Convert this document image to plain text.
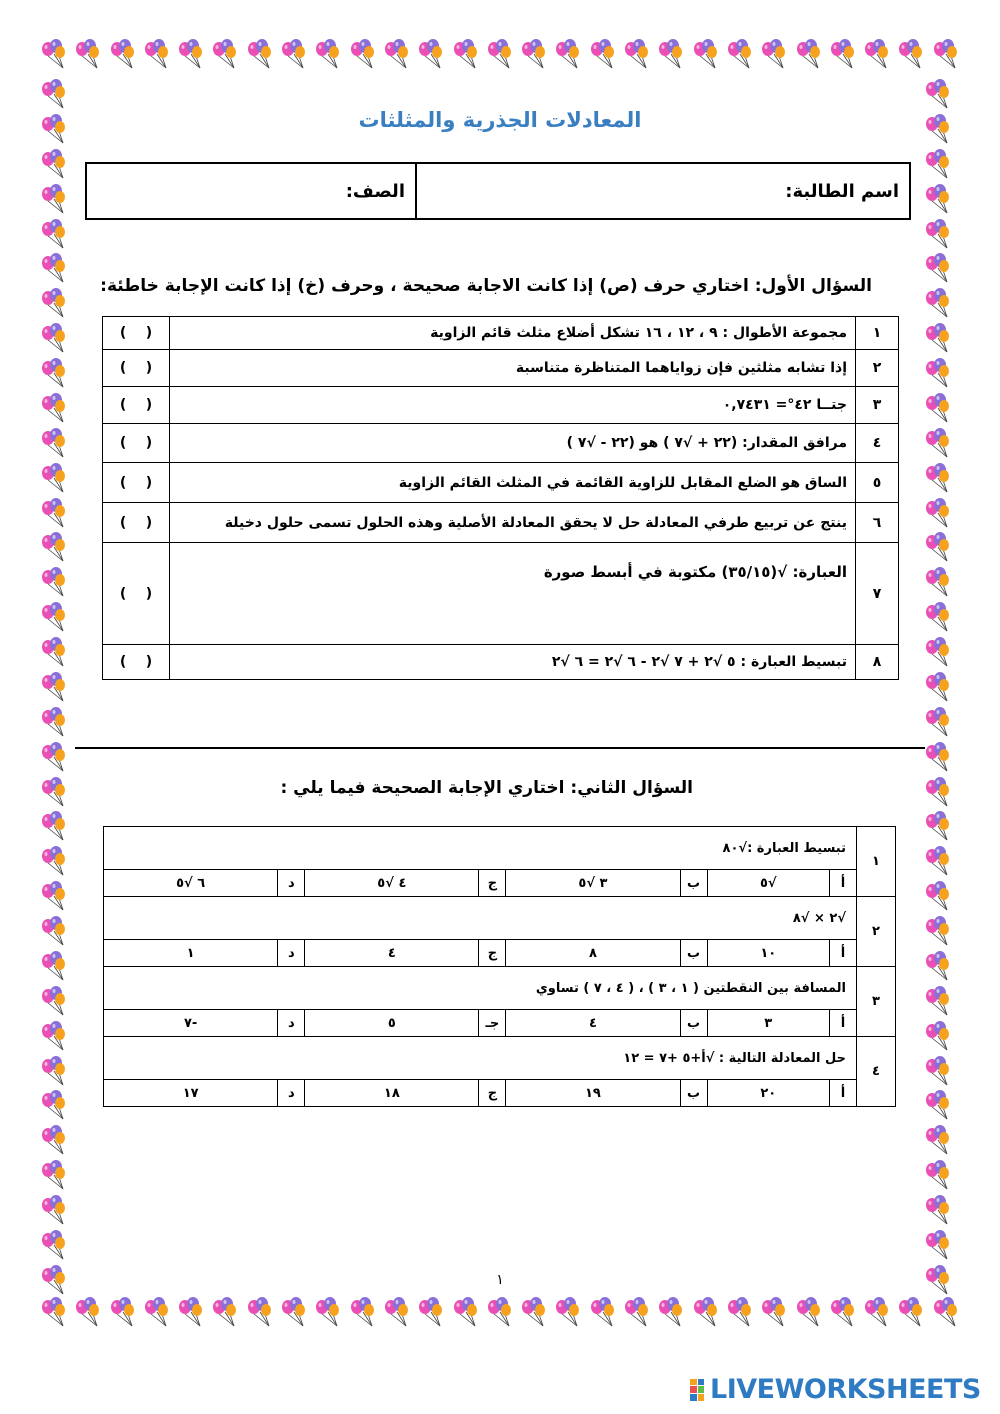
المعادلات الجذرية والمثلثات
اسم الطالبة:
الصف:
السؤال الأول: اختاري حرف (ص) إذا كانت الاجابة صحيحة ، وحرف (خ) إذا كانت الإجابة خاطئة:
١	مجموعة الأطوال : ٩ ، ١٢ ، ١٦ تشكل أضلاع مثلث قائم الزاوية	(    )
٢	إذا تشابه مثلثين فإن زواياهما المتناظرة متناسبة	(    )
٣	جتــا ٤٢°= ٠,٧٤٣١	(    )
٤	مرافق المقدار: (٢٢ + √٧ ) هو (٢٢ - √٧ )	(    )
٥	الساق هو الضلع المقابل للزاوية القائمة في المثلث القائم الزاوية	(    )
٦	ينتج عن تربيع طرفي المعادلة حل لا يحقق المعادلة الأصلية وهذه الحلول تسمى حلول دخيلة	(    )
٧	العبارة: √(٣٥/١٥) مكتوبة في أبسط صورة	(    )
٨	تبسيط العبارة : ٥ √٢ + ٧ √٢ - ٦ √٢ = ٦ √٢	(    )
السؤال الثاني: اختاري الإجابة الصحيحة فيما يلي :
١	تبسيط العبارة :√٨٠							
	أ	√٥	ب	٣ √٥	ج	٤ √٥	د	٦ √٥
٢	√٢ × √٨							
	أ	١٠	ب	٨	ج	٤	د	١
٣	المسافة بين النقطتين ( ١ ، ٣ ) ، ( ٤ ، ٧ ) تساوي							
	أ	٣	ب	٤	جـ	٥	د	-٧
٤	حل المعادلة التالية : √أ+٥ +٧ = ١٢							
	أ	٢٠	ب	١٩	ج	١٨	د	١٧
١
LIVEWORKSHEETS
